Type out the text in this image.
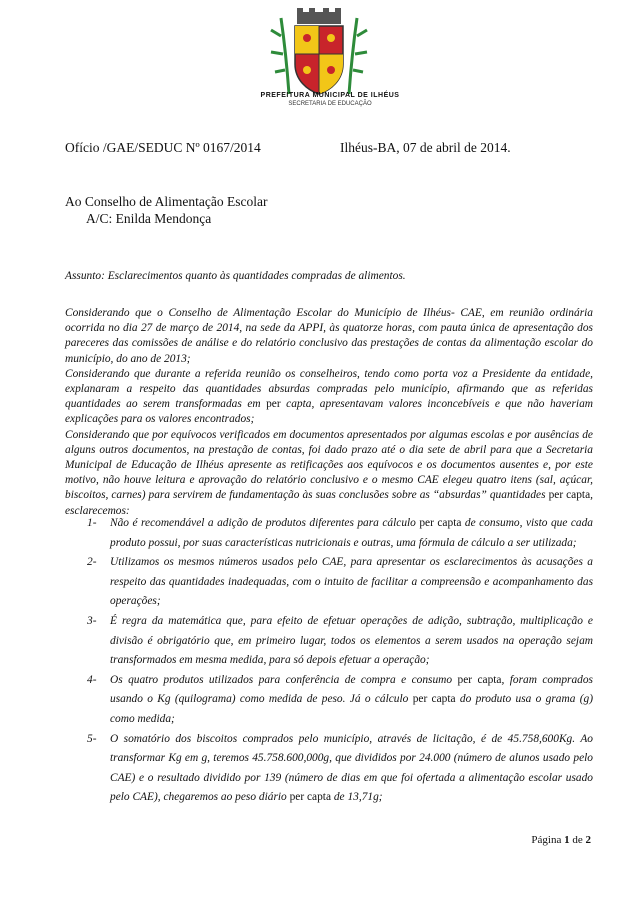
PREFEITURA MUNICIPAL DE ILHÉUS
SECRETARIA DE EDUCAÇÃO
Ofício /GAE/SEDUC Nº 0167/2014	Ilhéus-BA, 07 de abril de 2014.
Ao Conselho de Alimentação Escolar
A/C: Enilda Mendonça
Assunto: Esclarecimentos quanto às quantidades compradas de alimentos.

Considerando que o Conselho de Alimentação Escolar do Município de Ilhéus- CAE, em reunião ordinária ocorrida no dia 27 de março de 2014, na sede da APPI, às quatorze horas, com pauta única de apresentação dos pareceres das comissões de análise e do relatório conclusivo das prestações de contas da alimentação escolar do município, do ano de 2013;

Considerando que durante a referida reunião os conselheiros, tendo como porta voz a Presidente da entidade, explanaram a respeito das quantidades absurdas compradas pelo município, afirmando que as referidas quantidades ao serem transformadas em per capta, apresentavam valores inconcebíveis e que não haveriam explicações para os valores encontrados;

Considerando que por equívocos verificados em documentos apresentados por algumas escolas e por ausências de alguns outros documentos, na prestação de contas, foi dado prazo até o dia sete de abril para que a Secretaria Municipal de Educação de Ilhéus apresente as retificações aos equívocos e os documentos ausentes e, por este motivo, não houve leitura e aprovação do relatório conclusivo e o mesmo CAE elegeu quatro itens (sal, açúcar, biscoitos, carnes) para servirem de fundamentação às suas conclusões sobre as “absurdas” quantidades per capta, esclarecemos:

1- Não é recomendável a adição de produtos diferentes para cálculo per capta de consumo, visto que cada produto possui, por suas características nutricionais e outras, uma fórmula de cálculo a ser utilizada;
2- Utilizamos os mesmos números usados pelo CAE, para apresentar os esclarecimentos às acusações a respeito das quantidades inadequadas, com o intuito de facilitar a compreensão e acompanhamento das operações;
3- É regra da matemática que, para efeito de efetuar operações de adição, subtração, multiplicação e divisão é obrigatório que, em primeiro lugar, todos os elementos a serem usados na operação sejam transformados em mesma medida, para só depois efetuar a operação;
4- Os quatro produtos utilizados para conferência de compra e consumo per capta, foram comprados usando o Kg (quilograma) como medida de peso. Já o cálculo per capta do produto usa o grama (g) como medida;
5- O somatório dos biscoitos comprados pelo município, através de licitação, é de 45.758,600Kg. Ao transformar Kg em g, teremos 45.758.600,000g, que divididos por 24.000 (número de alunos usado pelo CAE) e o resultado dividido por 139 (número de dias em que foi ofertada a alimentação escolar usado pelo CAE), chegaremos ao peso diário per capta de 13,71g;
Página 1 de 2
